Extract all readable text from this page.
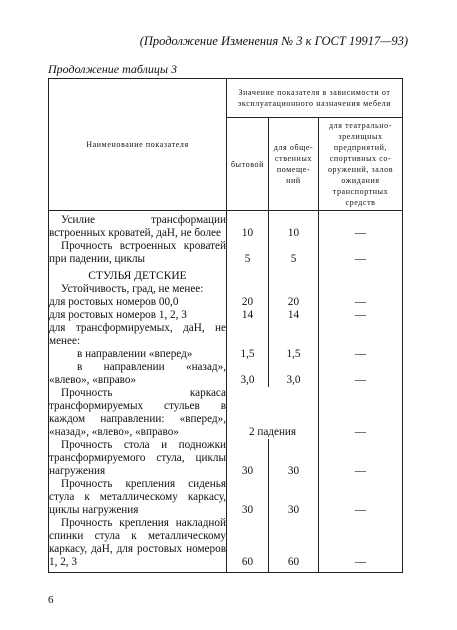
(Продолжение Изменения № 3 к ГОСТ 19917—93)
Продолжение таблицы 3
Наименование показателя	Значение показателя в зависимости от эксплуатационного назначения мебели		
	бытовой	для обще-ственных помеще-ний	для театрально-зрелищных предприятий, спортивных со-оружений, залов ожидания транспортных средств
Усилие трансформации встроенных кроватей, даН, не более	10	10	—
Прочность встроенных кроватей при падении, циклы	5	5	—
СТУЛЬЯ ДЕТСКИЕ			
Устойчивость, град, не менее:			
для ростовых номеров 00,0	20	20	—
для ростовых номеров 1, 2, 3	14	14	—
для трансформируемых, даН, не менее:			
в направлении «вперед»	1,5	1,5	—
в направлении «назад», «влево», «вправо»	3,0	3,0	—
Прочность каркаса трансформируемых стульев в каждом направлении: «вперед», «назад», «влево», «вправо»	2 падения		—
Прочность стола и подножки трансформируемого стула, циклы нагружения	30	30	—
Прочность крепления сиденья стула к металлическому каркасу, циклы нагружения	30	30	—
Прочность крепления накладной спинки стула к металлическому каркасу, даН, для ростовых номеров 1, 2, 3	60	60	—
6
